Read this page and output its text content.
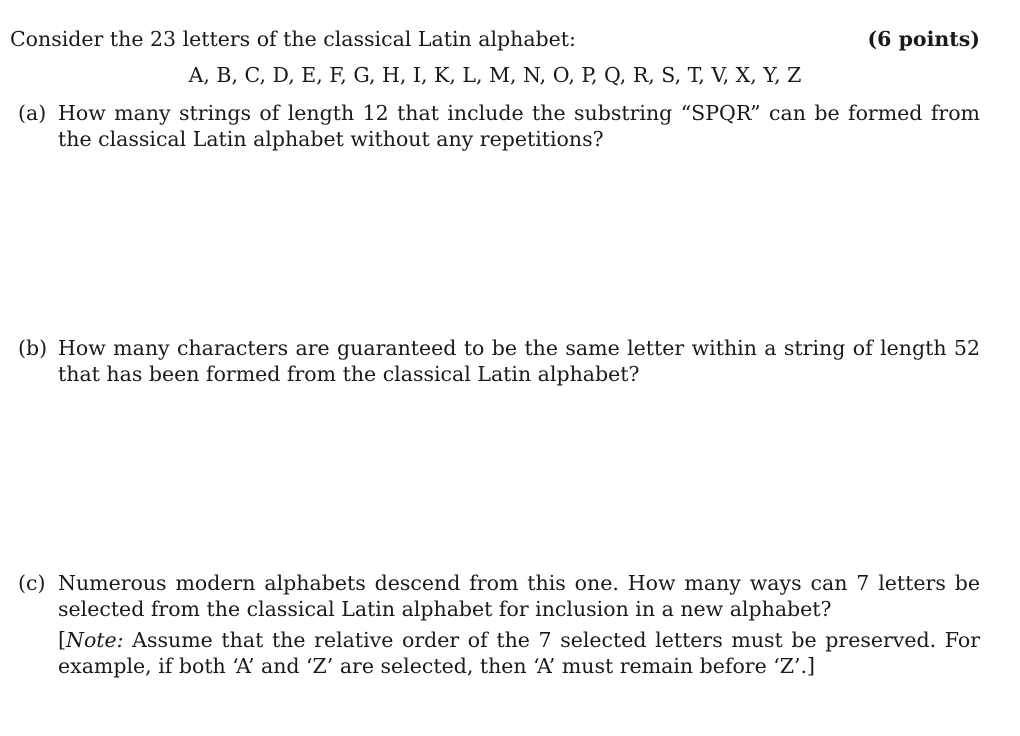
Consider the 23 letters of the classical Latin alphabet:	(6 points)
A, B, C, D, E, F, G, H, I, K, L, M, N, O, P, Q, R, S, T, V, X, Y, Z
(a) How many strings of length 12 that include the substring “SPQR” can be formed from the classical Latin alphabet without any repetitions?
(b) How many characters are guaranteed to be the same letter within a string of length 52 that has been formed from the classical Latin alphabet?
(c) Numerous modern alphabets descend from this one. How many ways can 7 letters be selected from the classical Latin alphabet for inclusion in a new alphabet?
[Note: Assume that the relative order of the 7 selected letters must be preserved. For example, if both ‘A’ and ‘Z’ are selected, then ‘A’ must remain before ‘Z’.]
